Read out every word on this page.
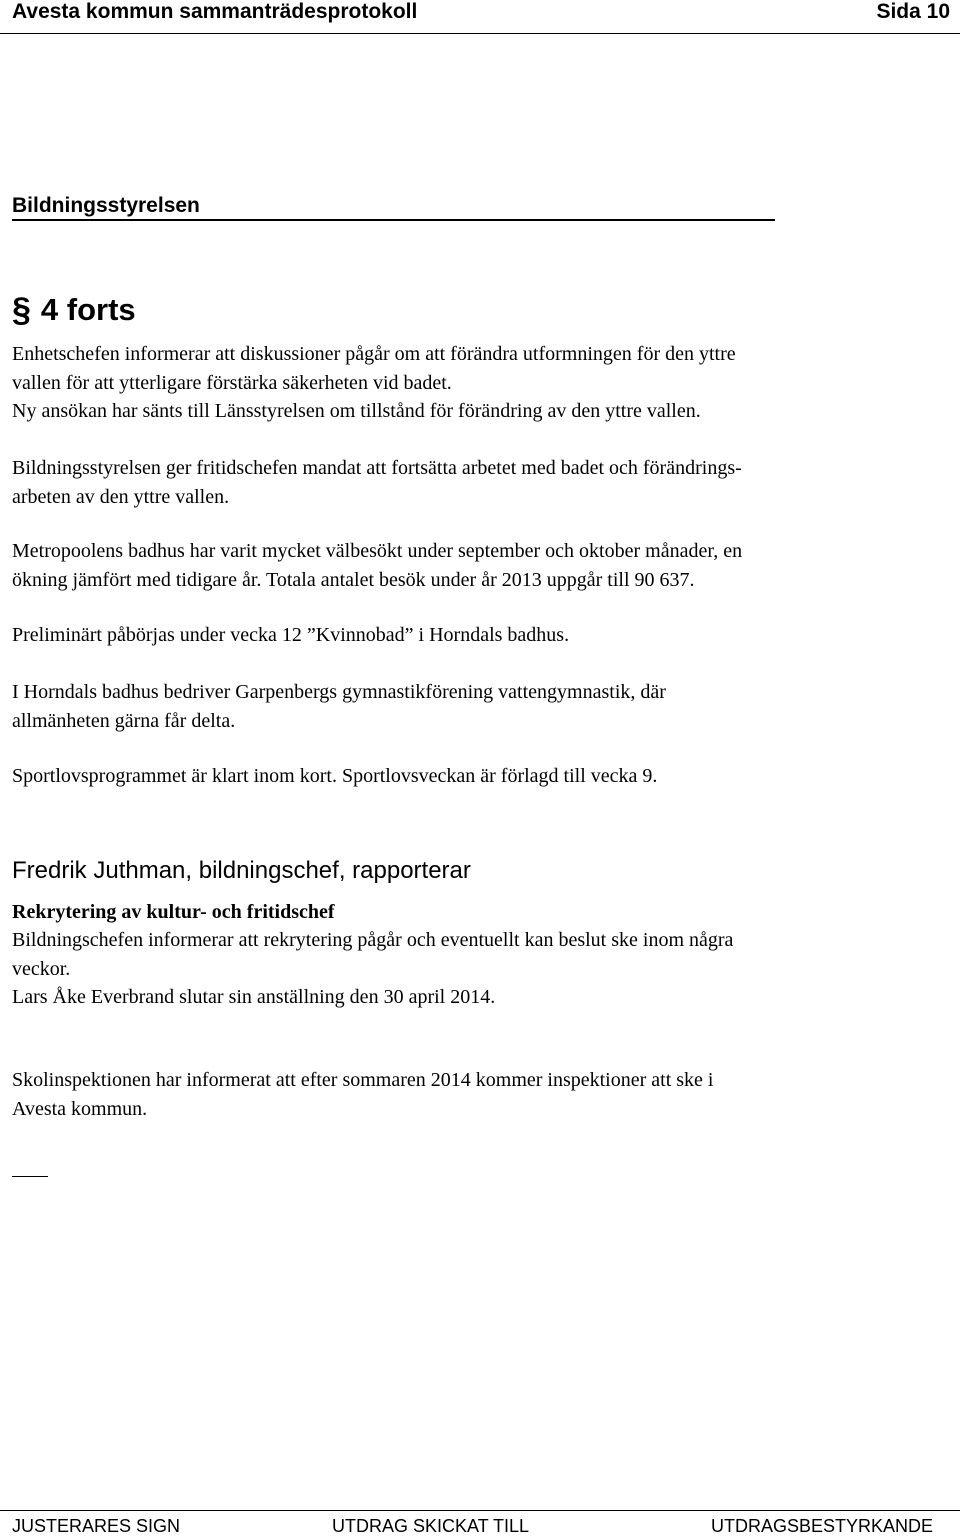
Avesta kommun sammanträdesprotokoll	Sida 10
Bildningsstyrelsen
§ 4 forts

Enhetschefen informerar att diskussioner pågår om att förändra utformningen för den yttre
vallen för att ytterligare förstärka säkerheten vid badet.
Ny ansökan har sänts till Länsstyrelsen om tillstånd för förändring av den yttre vallen.

Bildningsstyrelsen ger fritidschefen mandat att fortsätta arbetet med badet och förändrings-
arbeten av den yttre vallen.

Metropoolens badhus har varit mycket välbesökt under september och oktober månader, en
ökning jämfört med tidigare år. Totala antalet besök under år 2013 uppgår till 90 637.

Preliminärt påbörjas under vecka 12 ”Kvinnobad” i Horndals badhus.

I Horndals badhus bedriver Garpenbergs gymnastikförening vattengymnastik, där
allmänheten gärna får delta.

Sportlovsprogrammet är klart inom kort. Sportlovsveckan är förlagd till vecka 9.

Fredrik Juthman, bildningschef, rapporterar
Rekrytering av kultur- och fritidschef

Bildningschefen informerar att rekrytering pågår och eventuellt kan beslut ske inom några
veckor.
Lars Åke Everbrand slutar sin anställning den 30 april 2014.

Skolinspektionen har informerat att efter sommaren 2014 kommer inspektioner att ske i
Avesta kommun.

JUSTERARES SIGN	UTDRAG SKICKAT TILL	UTDRAGSBESTYRKANDE
